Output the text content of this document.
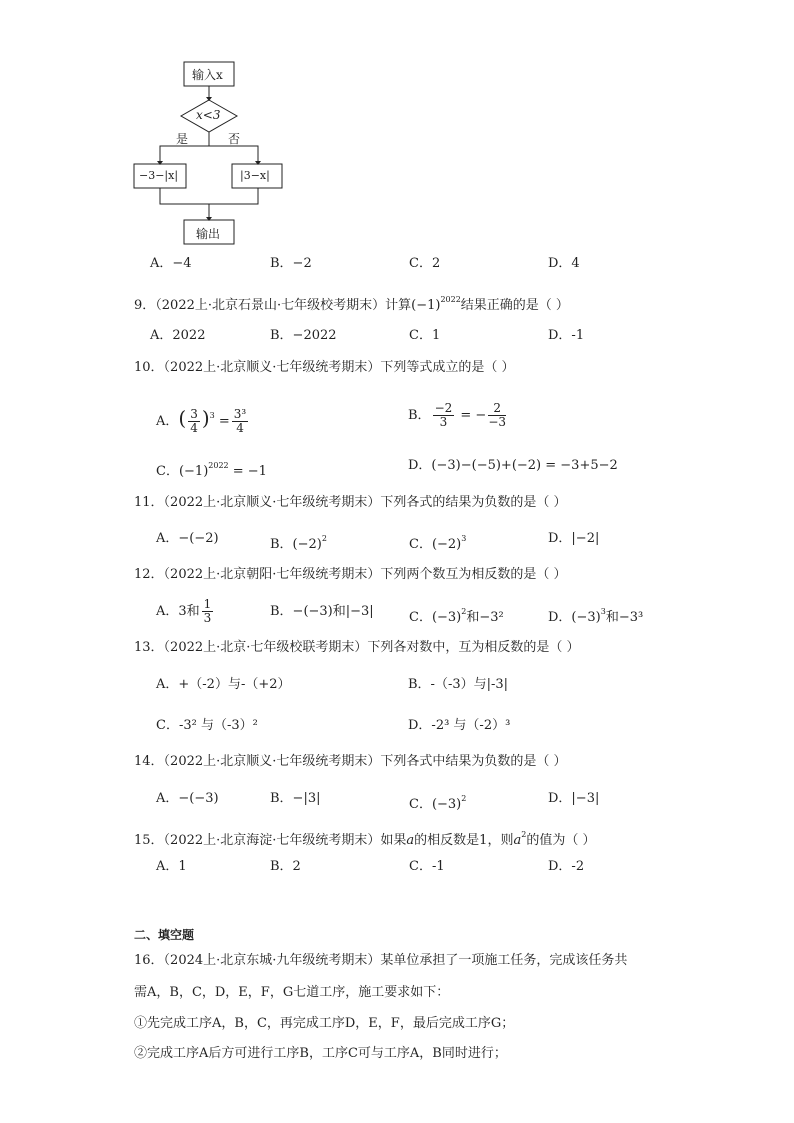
输入x
x<3
是	否
−3−|x|	|3−x|
输出
A．−4	B．−2	C．2	D．4
9．（2022上·北京石景山·七年级校考期末）计算$(-1)^{2022}$结果正确的是（ ）
A．2022	B．−2022	C．1	D．-1
10．（2022上·北京顺义·七年级统考期末）下列等式成立的是（ ）
A．( $\frac{3}{4} )^3 = \frac{\text{3³}}{4}$	B． $\frac{-2}{3}$ = − $\frac{2}{-3}$
C．$(-1)^{2022} = -1$	D．(−3)−(−5)+(−2) = −3+5−2
11．（2022上·北京顺义·七年级统考期末）下列各式的结果为负数的是（ ）
A．−(−2)	B．$(-2)^2$	C．$(-2)^3$	D．|−2|
12．（2022上·北京朝阳·七年级统考期末）下列两个数互为相反数的是（ ）
A．3和 $\frac{1}{3}$	B．−(−3)和|−3|	C．$(-3)^2$和−3²	D．$(-3)^3$和−3³
13．（2022上·北京·七年级校联考期末）下列各对数中，互为相反数的是（ ）
A．+（-2）与-（+2）	B．-（-3）与|-3|
C．-3² 与（-3）²	D．-2³ 与（-2）³
14．（2022上·北京顺义·七年级统考期末）下列各式中结果为负数的是（ ）
A．−(−3)	B．−|3|	C．$(-3)^2$	D．|−3|
15．（2022上·北京海淀·七年级统考期末）如果a的相反数是1，则$a^2$的值为（ ）
A．1	B．2	C．-1	D．-2
二、填空题
16．（2024上·北京东城·九年级统考期末）某单位承担了一项施工任务，完成该任务共
需A，B，C，D，E，F，G七道工序，施工要求如下：
①先完成工序A，B，C，再完成工序D，E，F，最后完成工序G；
②完成工序A后方可进行工序B，工序C可与工序A，B同时进行；
